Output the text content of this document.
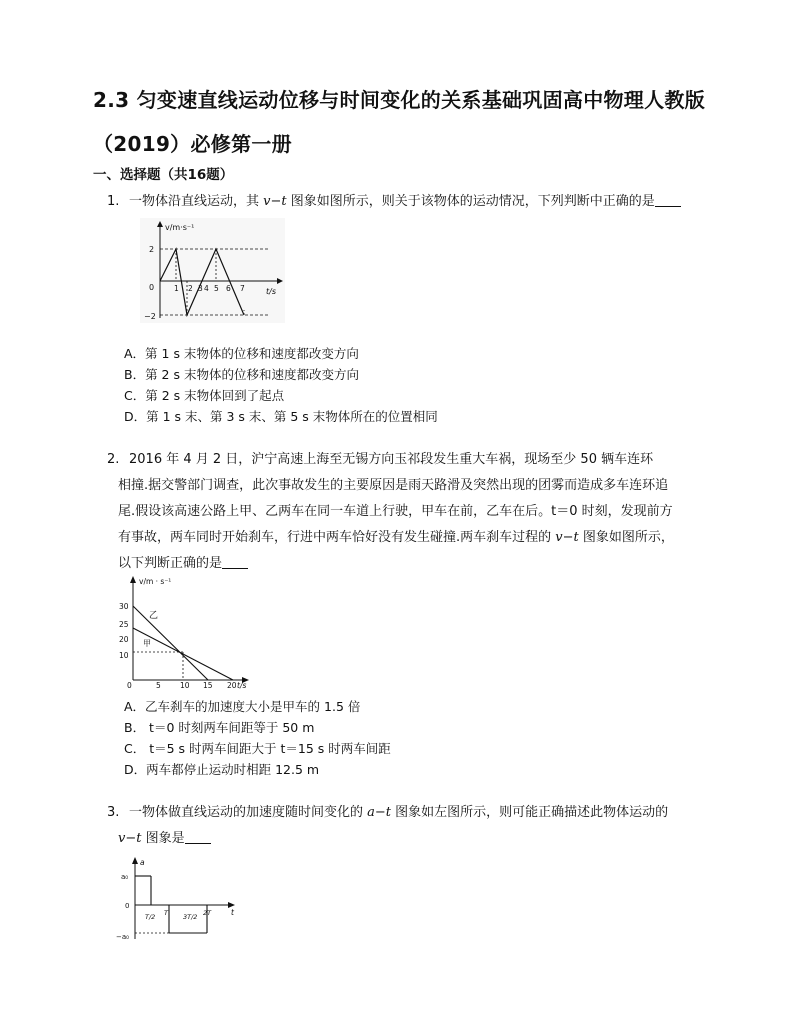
2.3 匀变速直线运动位移与时间变化的关系基础巩固高中物理人教版（2019）必修第一册
一、选择题（共16题）
1. 一物体沿直线运动，其 v−t 图象如图所示，则关于该物体的运动情况，下列判断中正确的是
v/m·s⁻¹
t/s
2
0
−2
1 2 3 4 5 6 7
A．第 1 s 末物体的位移和速度都改变方向
B．第 2 s 末物体的位移和速度都改变方向
C．第 2 s 末物体回到了起点
D．第 1 s 末、第 3 s 末、第 5 s 末物体所在的位置相同
2. 2016 年 4 月 2 日，沪宁高速上海至无锡方向玉祁段发生重大车祸，现场至少 50 辆车连环
相撞.据交警部门调查，此次事故发生的主要原因是雨天路滑及突然出现的团雾而造成多车连环追
尾.假设该高速公路上甲、乙两车在同一车道上行驶，甲车在前，乙车在后。t＝0 时刻，发现前方
有事故，两车同时开始刹车，行进中两车恰好没有发生碰撞.两车刹车过程的 v−t 图象如图所示，
以下判断正确的是
v/m · s⁻¹
t/s
30
25
20
10
0	5	10 15 20
乙
甲
A．乙车刹车的加速度大小是甲车的 1.5 倍
B． t＝0 时刻两车间距等于 50 m
C． t＝5 s 时两车间距大于 t＝15 s 时两车间距
D．两车都停止运动时相距 12.5 m
3. 一物体做直线运动的加速度随时间变化的 a−t 图象如左图所示，则可能正确描述此物体运动的
v−t 图象是
a
t
a₀
0
−a₀
T/2 T 3T/2 2T
